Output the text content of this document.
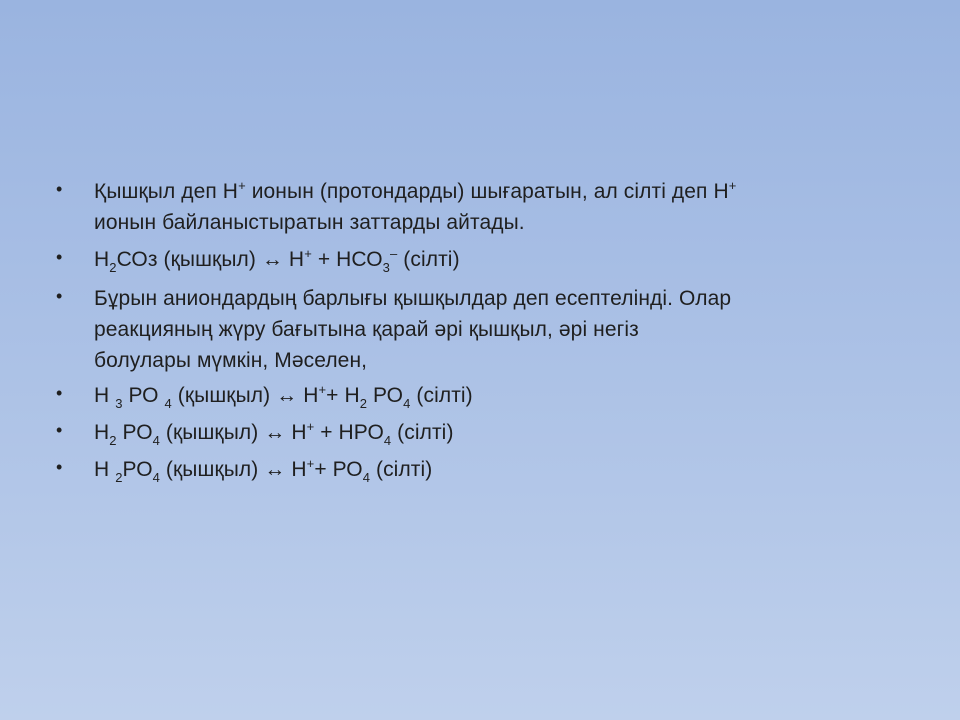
• Қышқыл деп Н+ ионын (протондарды) шығаратын, ал сілті деп Н+
ионын байланыстыратын заттарды айтады.
• $Н_2СОз$ (қышқыл) ↔ $Н^+ + НСО_3^-$ (сілті)
• Бұрын аниондардың барлығы қышқылдар деп есептелінді. Олар
реакцияның жүру бағытына қарай әрі қышқыл, әрі негіз
болулары мүмкін, Мәселен,
• Н $_3$ РО $_4$ (қышқыл) ↔ $Н^++ Н_2$ $РО_4$ (сілті)
• $Н_2$ $РО_4$ (қышқыл) ↔ $Н^+ + НРО_4$ (сілті)
• Н $_2РО_4$ (қышқыл) ↔ $Н^++ РО_4$ (сілті)
